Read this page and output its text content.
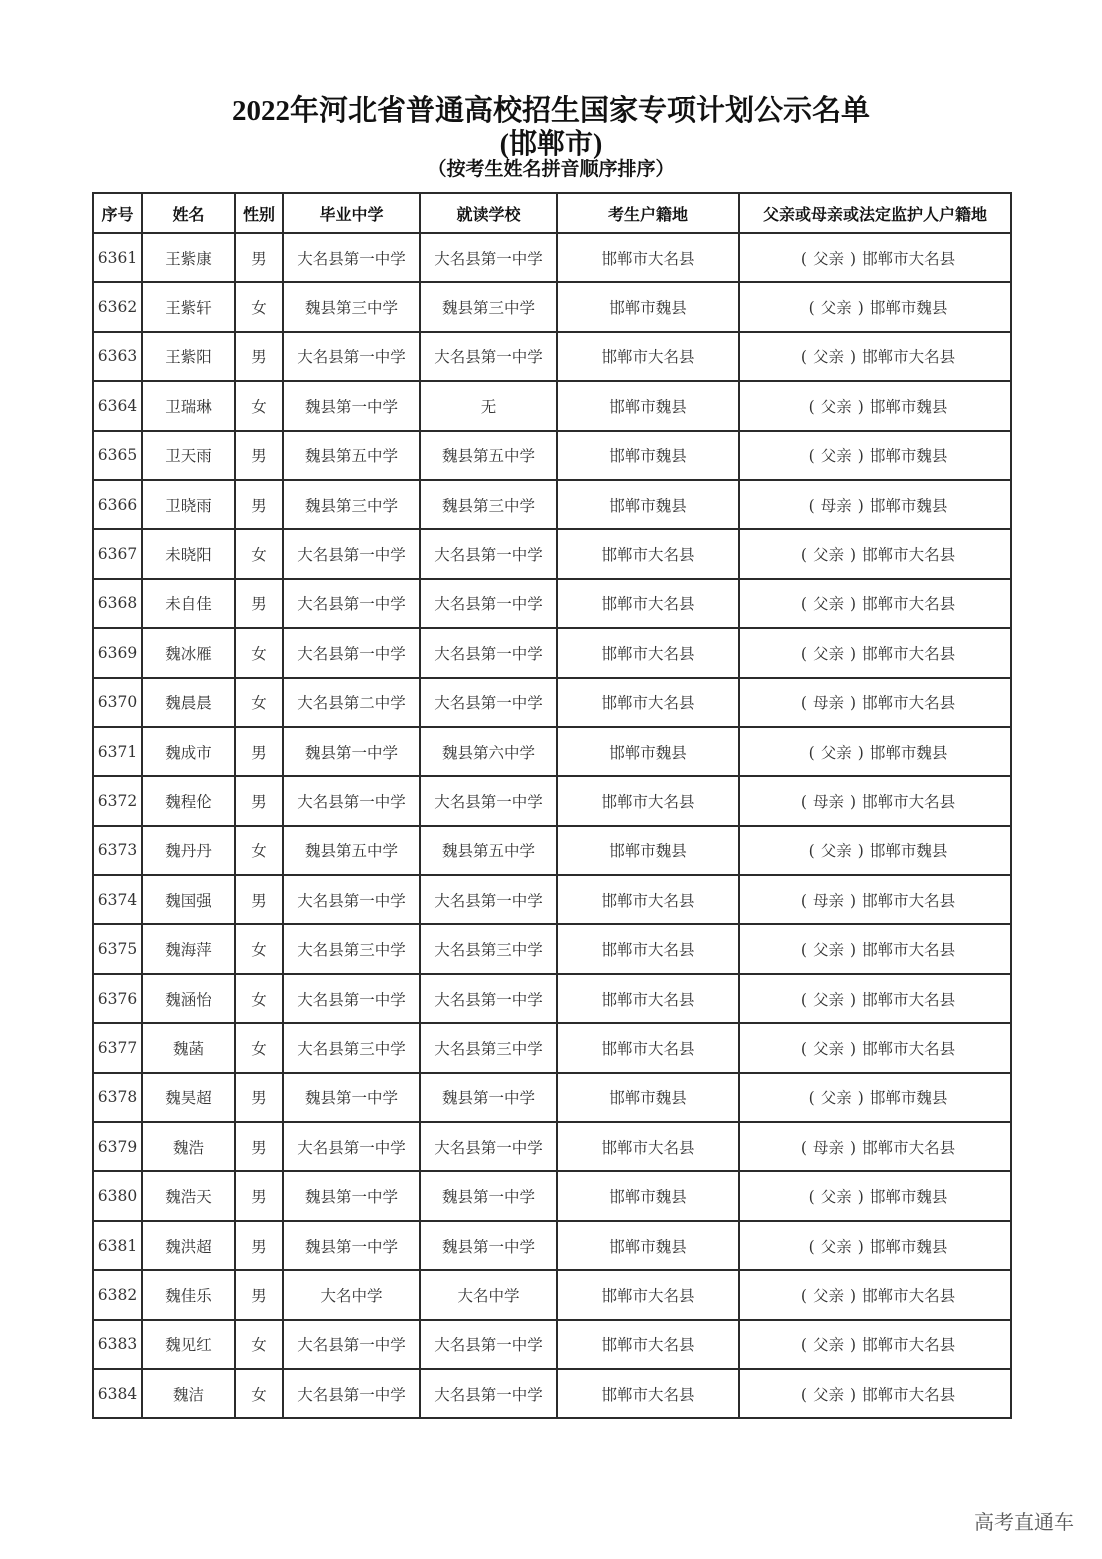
2022年河北省普通高校招生国家专项计划公示名单
(邯郸市)
（按考生姓名拼音顺序排序）
序号	姓名	性别	毕业中学	就读学校	考生户籍地	父亲或母亲或法定监护人户籍地
6361	王紫康	男	大名县第一中学	大名县第一中学	邯郸市大名县	( 父亲 ) 邯郸市大名县
6362	王紫轩	女	魏县第三中学	魏县第三中学	邯郸市魏县	( 父亲 ) 邯郸市魏县
6363	王紫阳	男	大名县第一中学	大名县第一中学	邯郸市大名县	( 父亲 ) 邯郸市大名县
6364	卫瑞琳	女	魏县第一中学	无	邯郸市魏县	( 父亲 ) 邯郸市魏县
6365	卫天雨	男	魏县第五中学	魏县第五中学	邯郸市魏县	( 父亲 ) 邯郸市魏县
6366	卫晓雨	男	魏县第三中学	魏县第三中学	邯郸市魏县	( 母亲 ) 邯郸市魏县
6367	未晓阳	女	大名县第一中学	大名县第一中学	邯郸市大名县	( 父亲 ) 邯郸市大名县
6368	未自佳	男	大名县第一中学	大名县第一中学	邯郸市大名县	( 父亲 ) 邯郸市大名县
6369	魏冰雁	女	大名县第一中学	大名县第一中学	邯郸市大名县	( 父亲 ) 邯郸市大名县
6370	魏晨晨	女	大名县第二中学	大名县第一中学	邯郸市大名县	( 母亲 ) 邯郸市大名县
6371	魏成市	男	魏县第一中学	魏县第六中学	邯郸市魏县	( 父亲 ) 邯郸市魏县
6372	魏程伦	男	大名县第一中学	大名县第一中学	邯郸市大名县	( 母亲 ) 邯郸市大名县
6373	魏丹丹	女	魏县第五中学	魏县第五中学	邯郸市魏县	( 父亲 ) 邯郸市魏县
6374	魏国强	男	大名县第一中学	大名县第一中学	邯郸市大名县	( 母亲 ) 邯郸市大名县
6375	魏海萍	女	大名县第三中学	大名县第三中学	邯郸市大名县	( 父亲 ) 邯郸市大名县
6376	魏涵怡	女	大名县第一中学	大名县第一中学	邯郸市大名县	( 父亲 ) 邯郸市大名县
6377	魏菡	女	大名县第三中学	大名县第三中学	邯郸市大名县	( 父亲 ) 邯郸市大名县
6378	魏昊超	男	魏县第一中学	魏县第一中学	邯郸市魏县	( 父亲 ) 邯郸市魏县
6379	魏浩	男	大名县第一中学	大名县第一中学	邯郸市大名县	( 母亲 ) 邯郸市大名县
6380	魏浩天	男	魏县第一中学	魏县第一中学	邯郸市魏县	( 父亲 ) 邯郸市魏县
6381	魏洪超	男	魏县第一中学	魏县第一中学	邯郸市魏县	( 父亲 ) 邯郸市魏县
6382	魏佳乐	男	大名中学	大名中学	邯郸市大名县	( 父亲 ) 邯郸市大名县
6383	魏见红	女	大名县第一中学	大名县第一中学	邯郸市大名县	( 父亲 ) 邯郸市大名县
6384	魏洁	女	大名县第一中学	大名县第一中学	邯郸市大名县	( 父亲 ) 邯郸市大名县
高考直通车
